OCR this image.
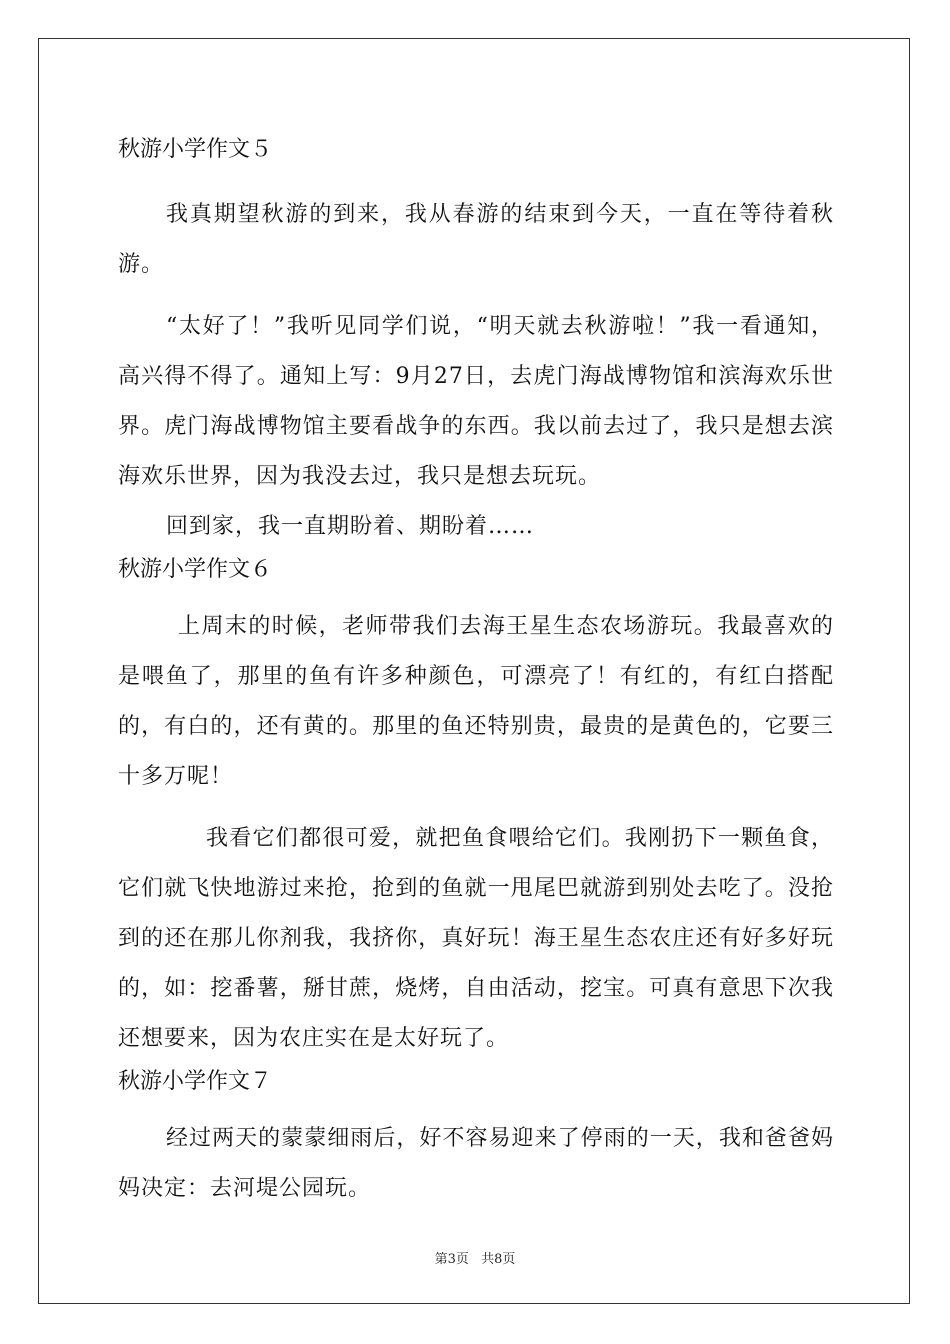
秋游小学作文５

我真期望秋游的到来，我从春游的结束到今天，一直在等待着秋游。

“太好了！”我听见同学们说，“明天就去秋游啦！”我一看通知，高兴得不得了。通知上写：9月27日，去虎门海战博物馆和滨海欢乐世界。虎门海战博物馆主要看战争的东西。我以前去过了，我只是想去滨海欢乐世界，因为我没去过，我只是想去玩玩。

回到家，我一直期盼着、期盼着……

秋游小学作文６

上周末的时候，老师带我们去海王星生态农场游玩。我最喜欢的是喂鱼了，那里的鱼有许多种颜色，可漂亮了！有红的，有红白搭配的，有白的，还有黄的。那里的鱼还特别贵，最贵的是黄色的，它要三十多万呢！

我看它们都很可爱，就把鱼食喂给它们。我刚扔下一颗鱼食，它们就飞快地游过来抢，抢到的鱼就一甩尾巴就游到别处去吃了。没抢到的还在那儿你剂我，我挤你，真好玩！海王星生态农庄还有好多好玩的，如：挖番薯，掰甘蔗，烧烤，自由活动，挖宝。可真有意思下次我还想要来，因为农庄实在是太好玩了。

秋游小学作文７

经过两天的蒙蒙细雨后，好不容易迎来了停雨的一天，我和爸爸妈妈决定：去河堤公园玩。

第3页 共8页
